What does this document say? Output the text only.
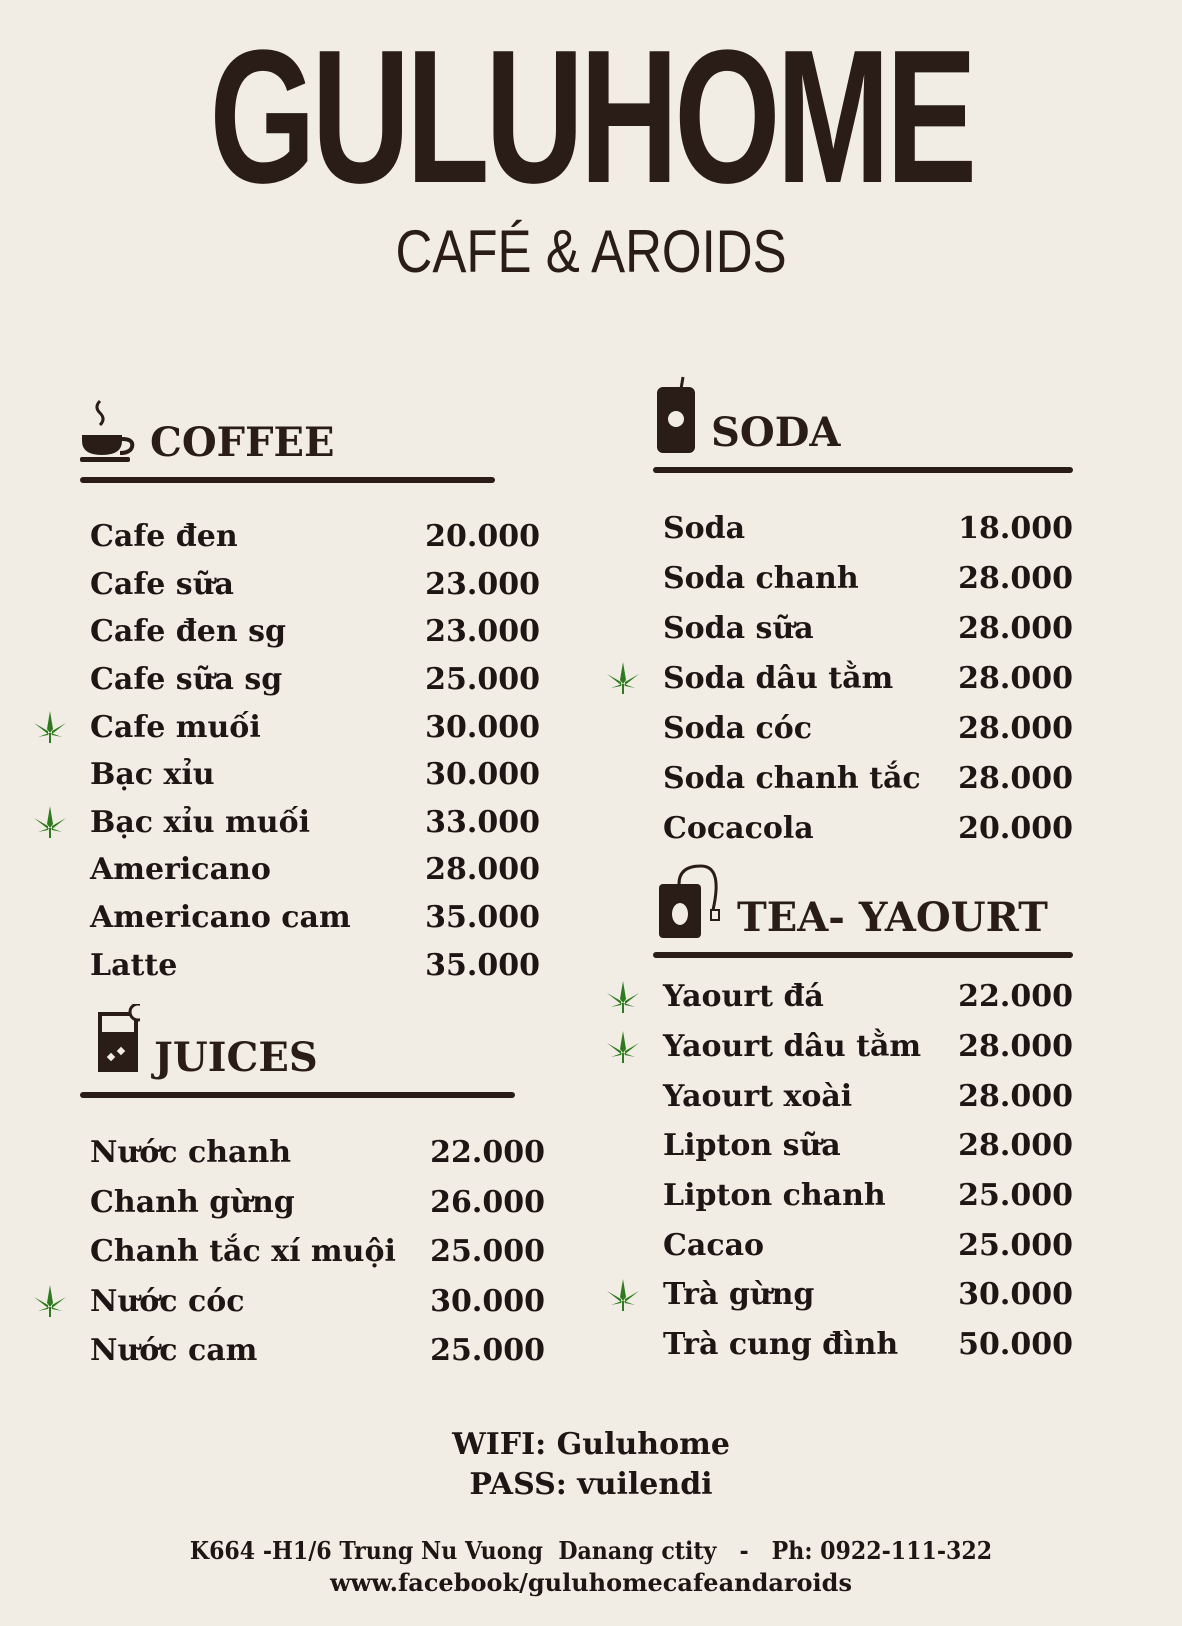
GULUHOME
CAFÉ & AROIDS
COFFEE
Cafe đen	20.000
Cafe sữa	23.000
Cafe đen sg	23.000
Cafe sữa sg	25.000
Cafe muối	30.000
Bạc xỉu	30.000
Bạc xỉu muối	33.000
Americano	28.000
Americano cam 35.000
Latte	35.000
JUICES
Nước chanh	22.000
Chanh gừng	26.000
Chanh tắc xí muội 25.000
Nước cóc	30.000
Nước cam	25.000
SODA
Soda	18.000
Soda chanh	28.000
Soda sữa	28.000
Soda dâu tằm 28.000
Soda cóc	28.000
Soda chanh tắc 28.000
Cocacola	20.000
TEA- YAOURT
Yaourt đá	22.000
Yaourt dâu tằm 28.000
Yaourt xoài	28.000
Lipton sữa	28.000
Lipton chanh 25.000
Cacao	25.000
Trà gừng	30.000
Trà cung đình 50.000
WIFI: Guluhome
PASS: vuilendi
K664 -H1/6 Trung Nu Vuong  Danang ctity   -   Ph: 0922-111-322
www.facebook/guluhomecafeandaroids
